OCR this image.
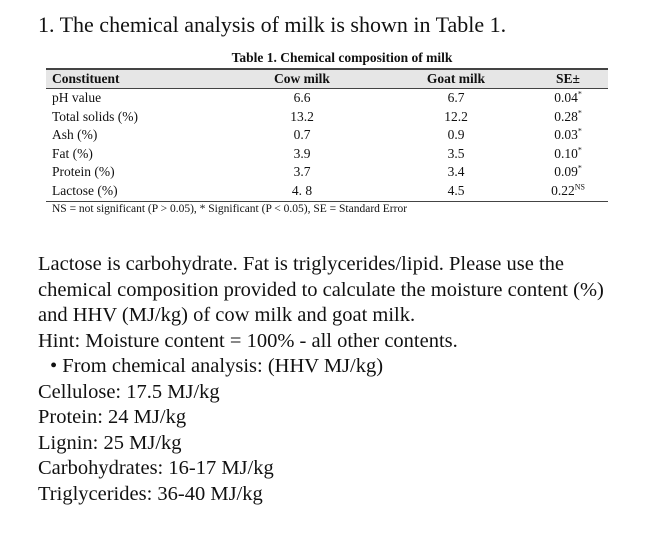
1. The chemical analysis of milk is shown in Table 1.
Table 1. Chemical composition of milk
Constituent	Cow milk	Goat milk	SE±
pH value	6.6	6.7	0.04*
Total solids (%)	13.2	12.2	0.28*
Ash (%)	0.7	0.9	0.03*
Fat (%)	3.9	3.5	0.10*
Protein (%)	3.7	3.4	0.09*
Lactose (%)	4. 8	4.5	$0.22^{NS}$
NS = not significant (P > 0.05), * Significant (P < 0.05), SE = Standard Error

Lactose is carbohydrate. Fat is triglycerides/lipid. Please use the chemical composition provided to calculate the moisture content (%) and HHV (MJ/kg) of cow milk and goat milk.

Hint: Moisture content = 100% - all other contents.

• From chemical analysis: (HHV MJ/kg)

Cellulose: 17.5 MJ/kg

Protein: 24 MJ/kg

Lignin: 25 MJ/kg

Carbohydrates: 16-17 MJ/kg

Triglycerides: 36-40 MJ/kg
